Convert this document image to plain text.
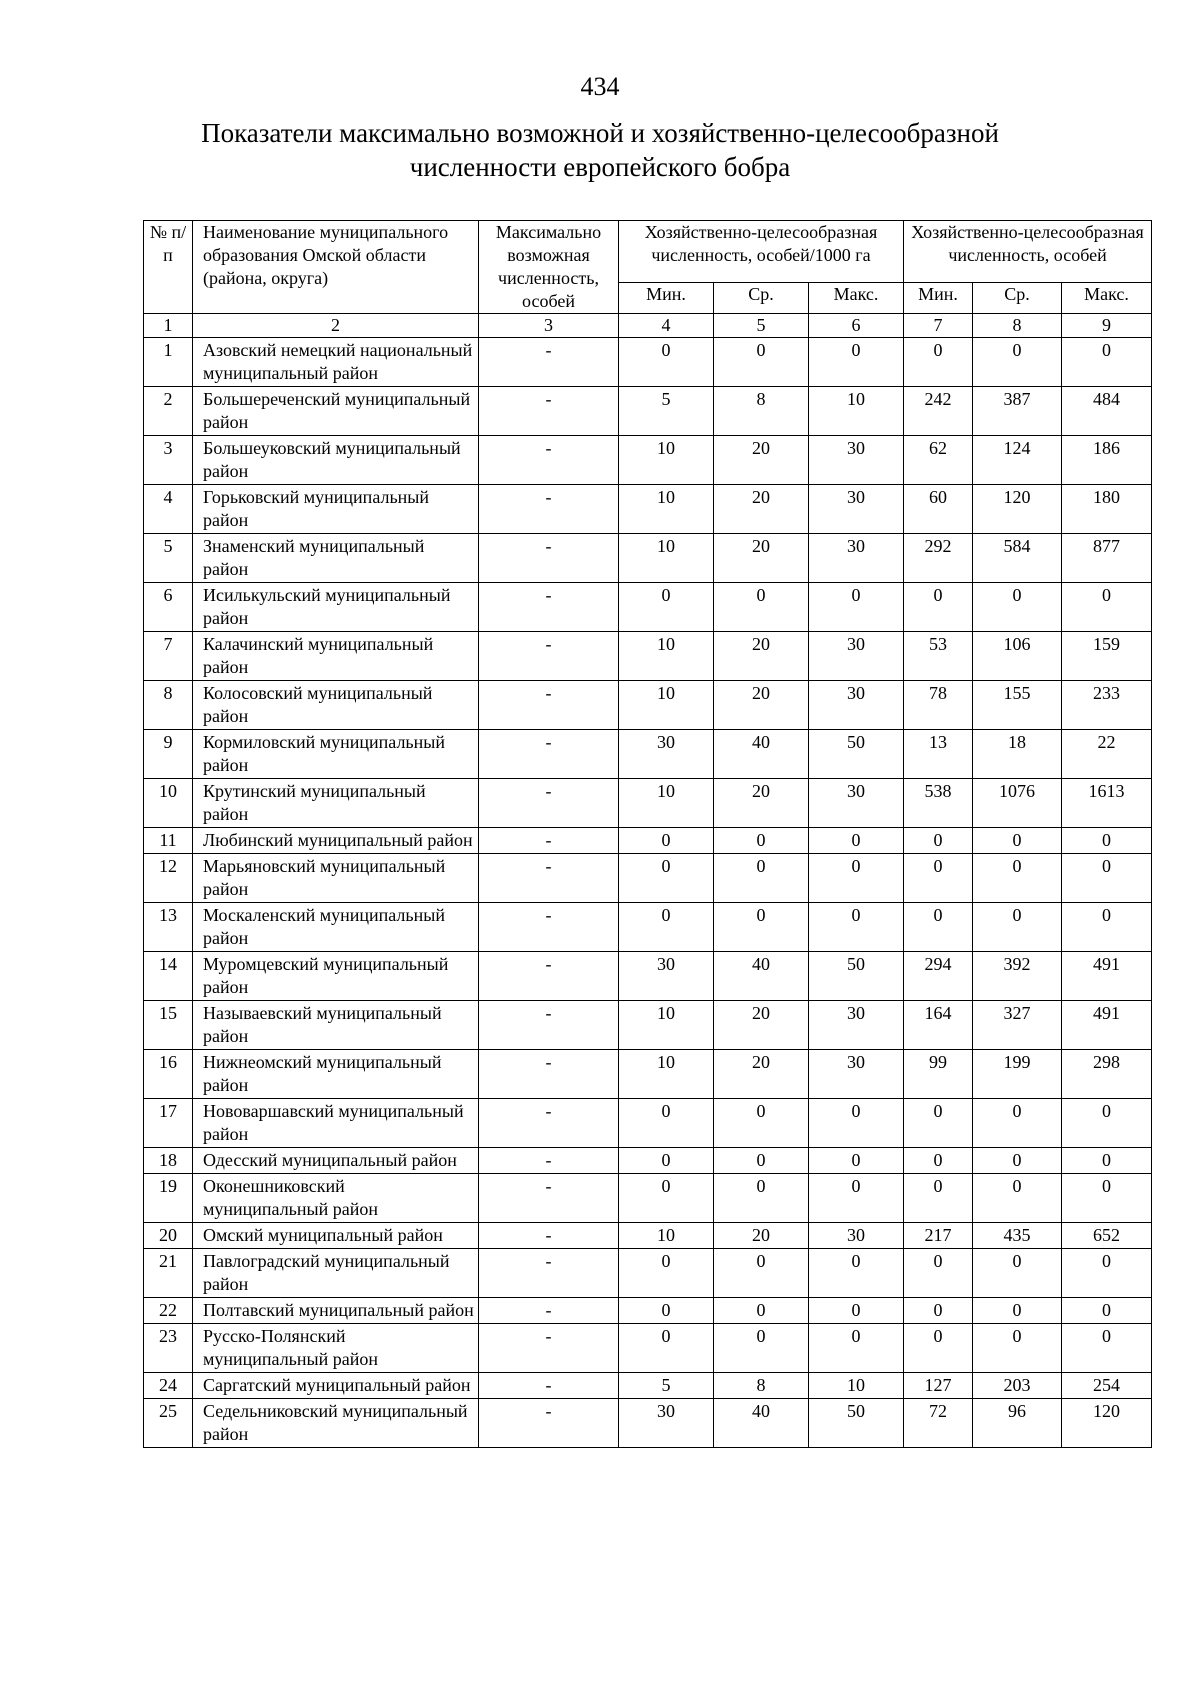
434
Показатели максимально возможной и хозяйственно-целесообразной
численности европейского бобра
№ п/п	Наименование муниципального образования Омской области (района, округа)	Максимально возможная численность, особей	Хозяйственно-целесообразная численность, особей/1000 га			Хозяйственно-целесообразная численность, особей		
			Мин.	Ср.	Макс.	Мин.	Ср.	Макс.
1	2	3	4	5	6	7	8	9
1	Азовский немецкий национальный муниципальный район	-	0	0	0	0	0	0
2	Большереченский муниципальный район	-	5	8	10	242	387	484
3	Большеуковский муниципальный район	-	10	20	30	62	124	186
4	Горьковский муниципальный район	-	10	20	30	60	120	180
5	Знаменский муниципальный район	-	10	20	30	292	584	877
6	Исилькульский муниципальный район	-	0	0	0	0	0	0
7	Калачинский муниципальный район	-	10	20	30	53	106	159
8	Колосовский муниципальный район	-	10	20	30	78	155	233
9	Кормиловский муниципальный район	-	30	40	50	13	18	22
10	Крутинский муниципальный район	-	10	20	30	538	1076	1613
11	Любинский муниципальный район	-	0	0	0	0	0	0
12	Марьяновский муниципальный район	-	0	0	0	0	0	0
13	Москаленский муниципальный район	-	0	0	0	0	0	0
14	Муромцевский муниципальный район	-	30	40	50	294	392	491
15	Называевский муниципальный район	-	10	20	30	164	327	491
16	Нижнеомский муниципальный район	-	10	20	30	99	199	298
17	Нововаршавский муниципальный район	-	0	0	0	0	0	0
18	Одесский муниципальный район	-	0	0	0	0	0	0
19	Оконешниковский муниципальный район	-	0	0	0	0	0	0
20	Омский муниципальный район	-	10	20	30	217	435	652
21	Павлоградский муниципальный район	-	0	0	0	0	0	0
22	Полтавский муниципальный район	-	0	0	0	0	0	0
23	Русско-Полянский муниципальный район	-	0	0	0	0	0	0
24	Саргатский муниципальный район	-	5	8	10	127	203	254
25	Седельниковский муниципальный район	-	30	40	50	72	96	120
